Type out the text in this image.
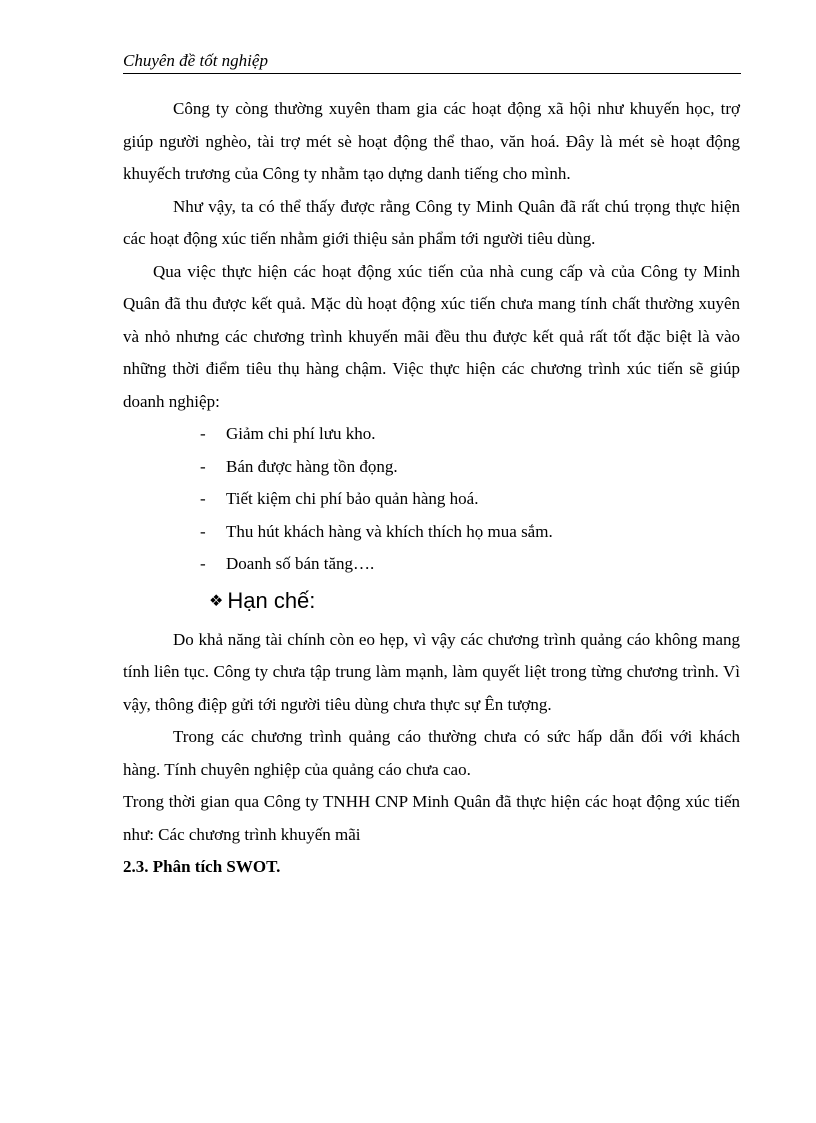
Chuyên đề tốt nghiệp

Công ty còng thường xuyên tham gia các hoạt động xã hội như khuyến học, trợ giúp người nghèo, tài trợ mét sè hoạt động thể thao, văn hoá. Đây là mét sè hoạt động khuyếch trương của Công ty nhằm tạo dựng danh tiếng cho mình.

Như vậy, ta có thể thấy được rằng Công ty Minh Quân đã rất chú trọng thực hiện các hoạt động xúc tiến nhằm giới thiệu sản phẩm tới người tiêu dùng.

Qua việc thực hiện các hoạt động xúc tiến của nhà cung cấp và của Công ty Minh Quân đã thu được kết quả. Mặc dù hoạt động xúc tiến chưa mang tính chất thường xuyên và nhỏ nhưng các chương trình khuyến mãi đều thu được kết quả rất tốt đặc biệt là vào những thời điểm tiêu thụ hàng chậm. Việc thực hiện các chương trình xúc tiến sẽ giúp doanh nghiệp:

- Giảm chi phí lưu kho.
- Bán được hàng tồn đọng.
- Tiết kiệm chi phí bảo quản hàng hoá.
- Thu hút khách hàng và khích thích họ mua sắm.
- Doanh số bán tăng….
❖ Hạn chế:

Do khả năng tài chính còn eo hẹp, vì vậy các chương trình quảng cáo không mang tính liên tục. Công ty chưa tập trung làm mạnh, làm quyết liệt trong từng chương trình. Vì vậy, thông điệp gửi tới người tiêu dùng chưa thực sự Ên tượng.

Trong các chương trình quảng cáo thường chưa có sức hấp dẫn đối với khách hàng. Tính chuyên nghiệp của quảng cáo chưa cao.

Trong thời gian qua Công ty TNHH CNP Minh Quân đã thực hiện các hoạt động xúc tiến như: Các chương trình khuyến mãi

2.3. Phân tích SWOT.
